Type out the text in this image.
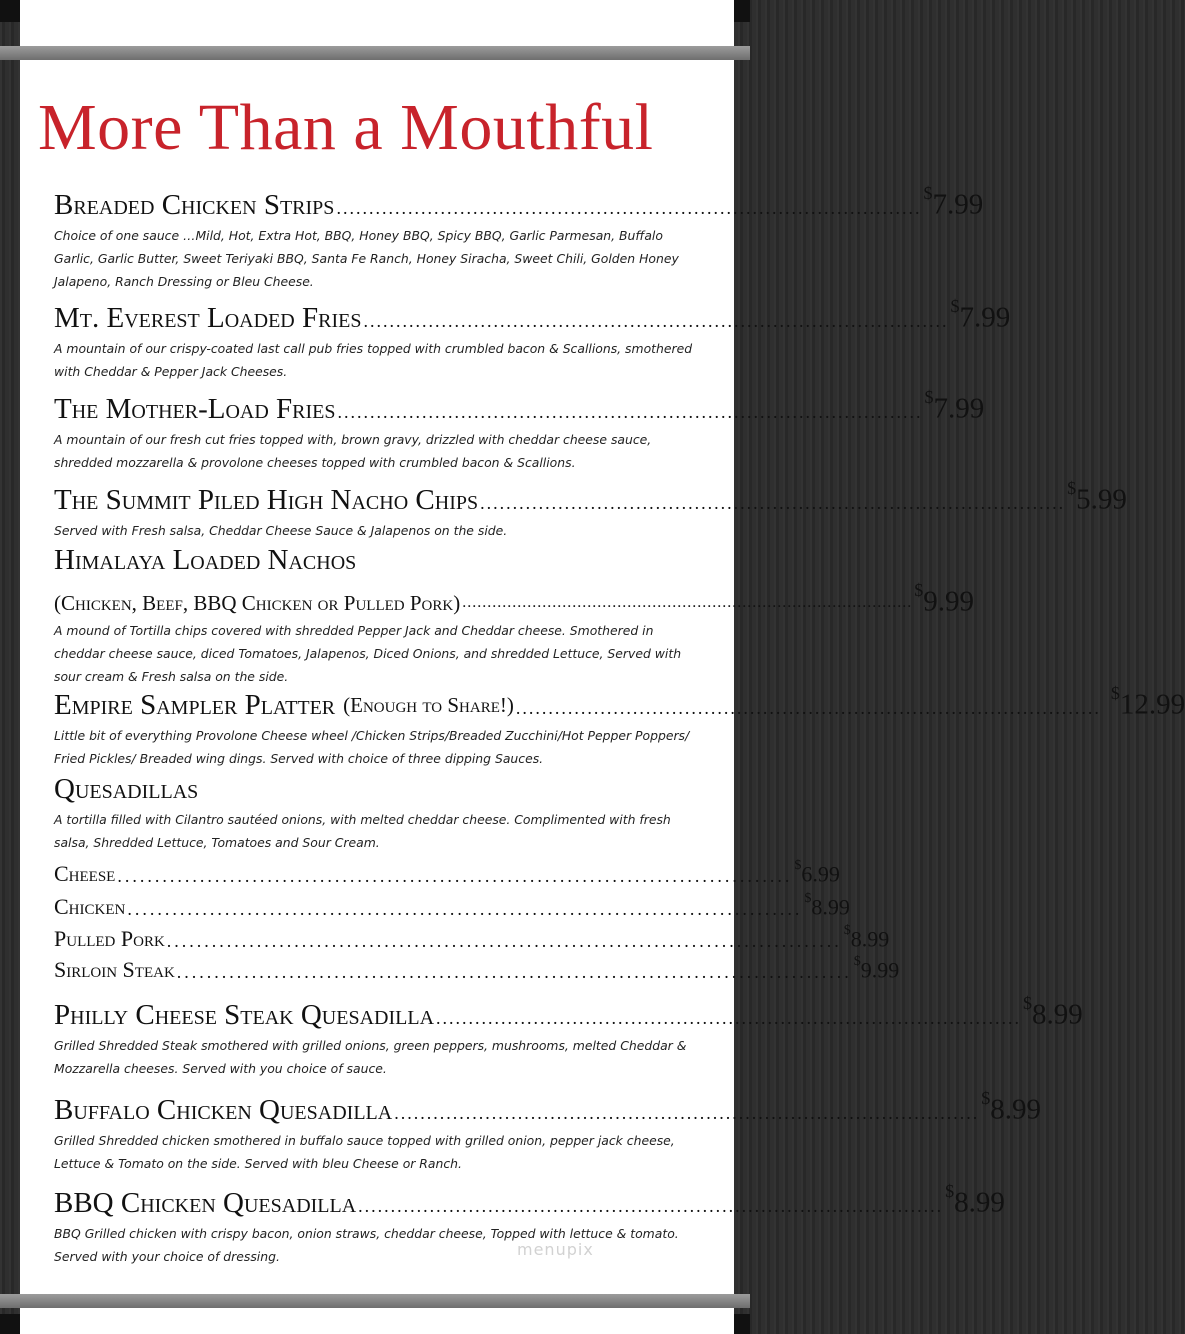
More Than a Mouthful
Breaded Chicken Strips ..........................................................................................
$7.99
Choice of one sauce …Mild, Hot, Extra Hot, BBQ, Honey BBQ, Spicy BBQ, Garlic Parmesan, Buffalo Garlic, Garlic Butter, Sweet Teriyaki BBQ, Santa Fe Ranch, Honey Siracha, Sweet Chili, Golden Honey Jalapeno, Ranch Dressing or Bleu Cheese.
Mt. Everest Loaded Fries ..........................................................................................
$7.99
A mountain of our crispy-coated last call pub fries topped with crumbled bacon & Scallions, smothered with Cheddar & Pepper Jack Cheeses.
The Mother-Load Fries ..........................................................................................
$7.99
A mountain of our fresh cut fries topped with, brown gravy, drizzled with cheddar cheese sauce, shredded mozzarella & provolone cheeses topped with crumbled bacon & Scallions.
The Summit Piled High Nacho Chips ..........................................................................................
$5.99
Served with Fresh salsa, Cheddar Cheese Sauce & Jalapenos on the side.
Himalaya Loaded Nachos
(Chicken, Beef, BBQ Chicken or Pulled Pork) ..........................................................................................
$9.99
A mound of Tortilla chips covered with shredded Pepper Jack and Cheddar cheese. Smothered in cheddar cheese sauce, diced Tomatoes, Jalapenos, Diced Onions, and shredded Lettuce, Served with sour cream & Fresh salsa on the side.
Empire Sampler Platter (Enough to Share!) ..........................................................................................
$12.99
Little bit of everything Provolone Cheese wheel /Chicken Strips/Breaded Zucchini/Hot Pepper Poppers/ Fried Pickles/ Breaded wing dings. Served with choice of three dipping Sauces.
Quesadillas
A tortilla filled with Cilantro sautéed onions, with melted cheddar cheese. Complimented with fresh salsa, Shredded Lettuce, Tomatoes and Sour Cream.
Cheese ..........................................................................................
$6.99
Chicken ..........................................................................................
$8.99
Pulled Pork ..........................................................................................
$8.99
Sirloin Steak ..........................................................................................
$9.99
Philly Cheese Steak Quesadilla ..........................................................................................
$8.99
Grilled Shredded Steak smothered with grilled onions, green peppers, mushrooms, melted Cheddar & Mozzarella cheeses. Served with you choice of sauce.
Buffalo Chicken Quesadilla ..........................................................................................
$8.99
Grilled Shredded chicken smothered in buffalo sauce topped with grilled onion, pepper jack cheese, Lettuce & Tomato on the side. Served with bleu Cheese or Ranch.
BBQ Chicken Quesadilla ..........................................................................................
$8.99
BBQ Grilled chicken with crispy bacon, onion straws, cheddar cheese, Topped with lettuce & tomato. Served with your choice of dressing.	menupix
